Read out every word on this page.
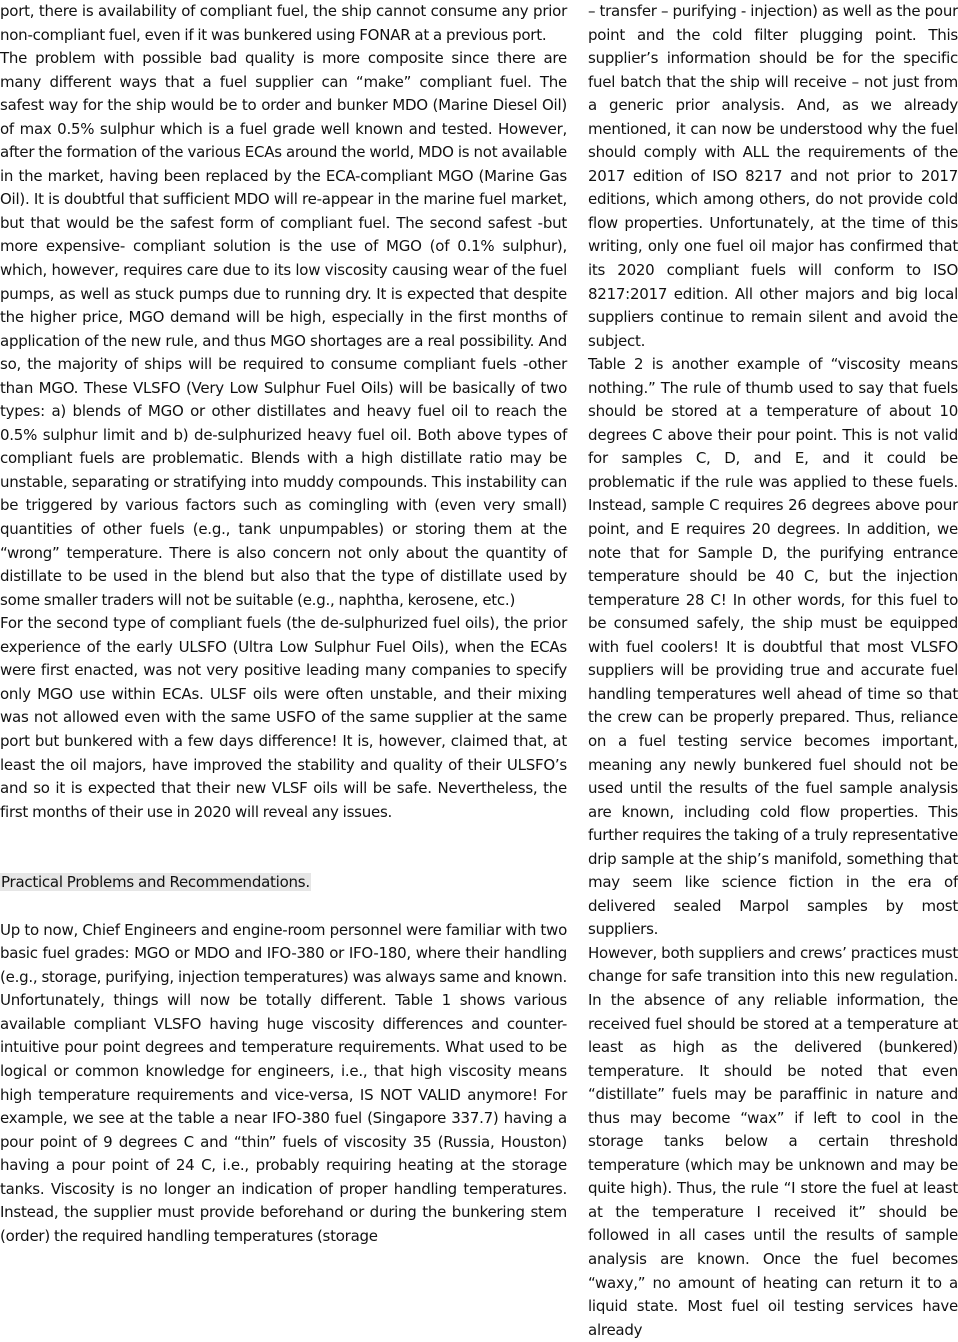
port, there is availability of compliant fuel, the ship cannot consume any prior non-compliant fuel, even if it was bunkered using FONAR at a previous port.

The problem with possible bad quality is more composite since there are many different ways that a fuel supplier can “make” compliant fuel. The safest way for the ship would be to order and bunker MDO (Marine Diesel Oil) of max 0.5% sulphur which is a fuel grade well known and tested. However, after the formation of the various ECAs around the world, MDO is not available in the market, having been replaced by the ECA-compliant MGO (Marine Gas Oil). It is doubtful that sufficient MDO will re-appear in the marine fuel market, but that would be the safest form of compliant fuel. The second safest -but more expensive- compliant solution is the use of MGO (of 0.1% sulphur), which, however, requires care due to its low viscosity causing wear of the fuel pumps, as well as stuck pumps due to running dry. It is expected that despite the higher price, MGO demand will be high, especially in the first months of application of the new rule, and thus MGO shortages are a real possibility. And so, the majority of ships will be required to consume compliant fuels -other than MGO. These VLSFO (Very Low Sulphur Fuel Oils) will be basically of two types: a) blends of MGO or other distillates and heavy fuel oil to reach the 0.5% sulphur limit and b) de-sulphurized heavy fuel oil. Both above types of compliant fuels are problematic. Blends with a high distillate ratio may be unstable, separating or stratifying into muddy compounds. This instability can be triggered by various factors such as comingling with (even very small) quantities of other fuels (e.g., tank unpumpables) or storing them at the “wrong” temperature. There is also concern not only about the quantity of distillate to be used in the blend but also that the type of distillate used by some smaller traders will not be suitable (e.g., naphtha, kerosene, etc.)

For the second type of compliant fuels (the de-sulphurized fuel oils), the prior experience of the early ULSFO (Ultra Low Sulphur Fuel Oils), when the ECAs were first enacted, was not very positive leading many companies to specify only MGO use within ECAs. ULSF oils were often unstable, and their mixing was not allowed even with the same USFO of the same supplier at the same port but bunkered with a few days difference! It is, however, claimed that, at least the oil majors, have improved the stability and quality of their ULSFO’s and so it is expected that their new VLSF oils will be safe. Nevertheless, the first months of their use in 2020 will reveal any issues.

Practical Problems and Recommendations.

Up to now, Chief Engineers and engine-room personnel were familiar with two basic fuel grades: MGO or MDO and IFO-380 or IFO-180, where their handling (e.g., storage, purifying, injection temperatures) was always same and known. Unfortunately, things will now be totally different. Table 1 shows various available compliant VLSFO having huge viscosity differences and counter-intuitive pour point degrees and temperature requirements. What used to be logical or common knowledge for engineers, i.e., that high viscosity means high temperature requirements and vice-versa, IS NOT VALID anymore! For example, we see at the table a near IFO-380 fuel (Singapore 337.7) having a pour point of 9 degrees C and “thin” fuels of viscosity 35 (Russia, Houston) having a pour point of 24 C, i.e., probably requiring heating at the storage tanks. Viscosity is no longer an indication of proper handling temperatures. Instead, the supplier must provide beforehand or during the bunkering stem (order) the required handling temperatures (storage

– transfer – purifying - injection) as well as the pour point and the cold filter plugging point. This supplier’s information should be for the specific fuel batch that the ship will receive – not just from a generic prior analysis. And, as we already mentioned, it can now be understood why the fuel should comply with ALL the requirements of the 2017 edition of ISO 8217 and not prior to 2017 editions, which among others, do not provide cold flow properties. Unfortunately, at the time of this writing, only one fuel oil major has confirmed that its 2020 compliant fuels will conform to ISO 8217:2017 edition. All other majors and big local suppliers continue to remain silent and avoid the subject.

Table 2 is another example of “viscosity means nothing.” The rule of thumb used to say that fuels should be stored at a temperature of about 10 degrees C above their pour point. This is not valid for samples C, D, and E, and it could be problematic if the rule was applied to these fuels. Instead, sample C requires 26 degrees above pour point, and E requires 20 degrees. In addition, we note that for Sample D, the purifying entrance temperature should be 40 C, but the injection temperature 28 C! In other words, for this fuel to be consumed safely, the ship must be equipped with fuel coolers! It is doubtful that most VLSFO suppliers will be providing true and accurate fuel handling temperatures well ahead of time so that the crew can be properly prepared. Thus, reliance on a fuel testing service becomes important, meaning any newly bunkered fuel should not be used until the results of the fuel sample analysis are known, including cold flow properties. This further requires the taking of a truly representative drip sample at the ship’s manifold, something that may seem like science fiction in the era of delivered sealed Marpol samples by most suppliers.

However, both suppliers and crews’ practices must change for safe transition into this new regulation. In the absence of any reliable information, the received fuel should be stored at a temperature at least as high as the delivered (bunkered) temperature. It should be noted that even “distillate” fuels may be paraffinic in nature and thus may become “wax” if left to cool in the storage tanks below a certain threshold temperature (which may be unknown and may be quite high). Thus, the rule “I store the fuel at least at the temperature I received it” should be followed in all cases until the results of sample analysis are known. Once the fuel becomes “waxy,” no amount of heating can return it to a liquid state. Most fuel oil testing services have already
